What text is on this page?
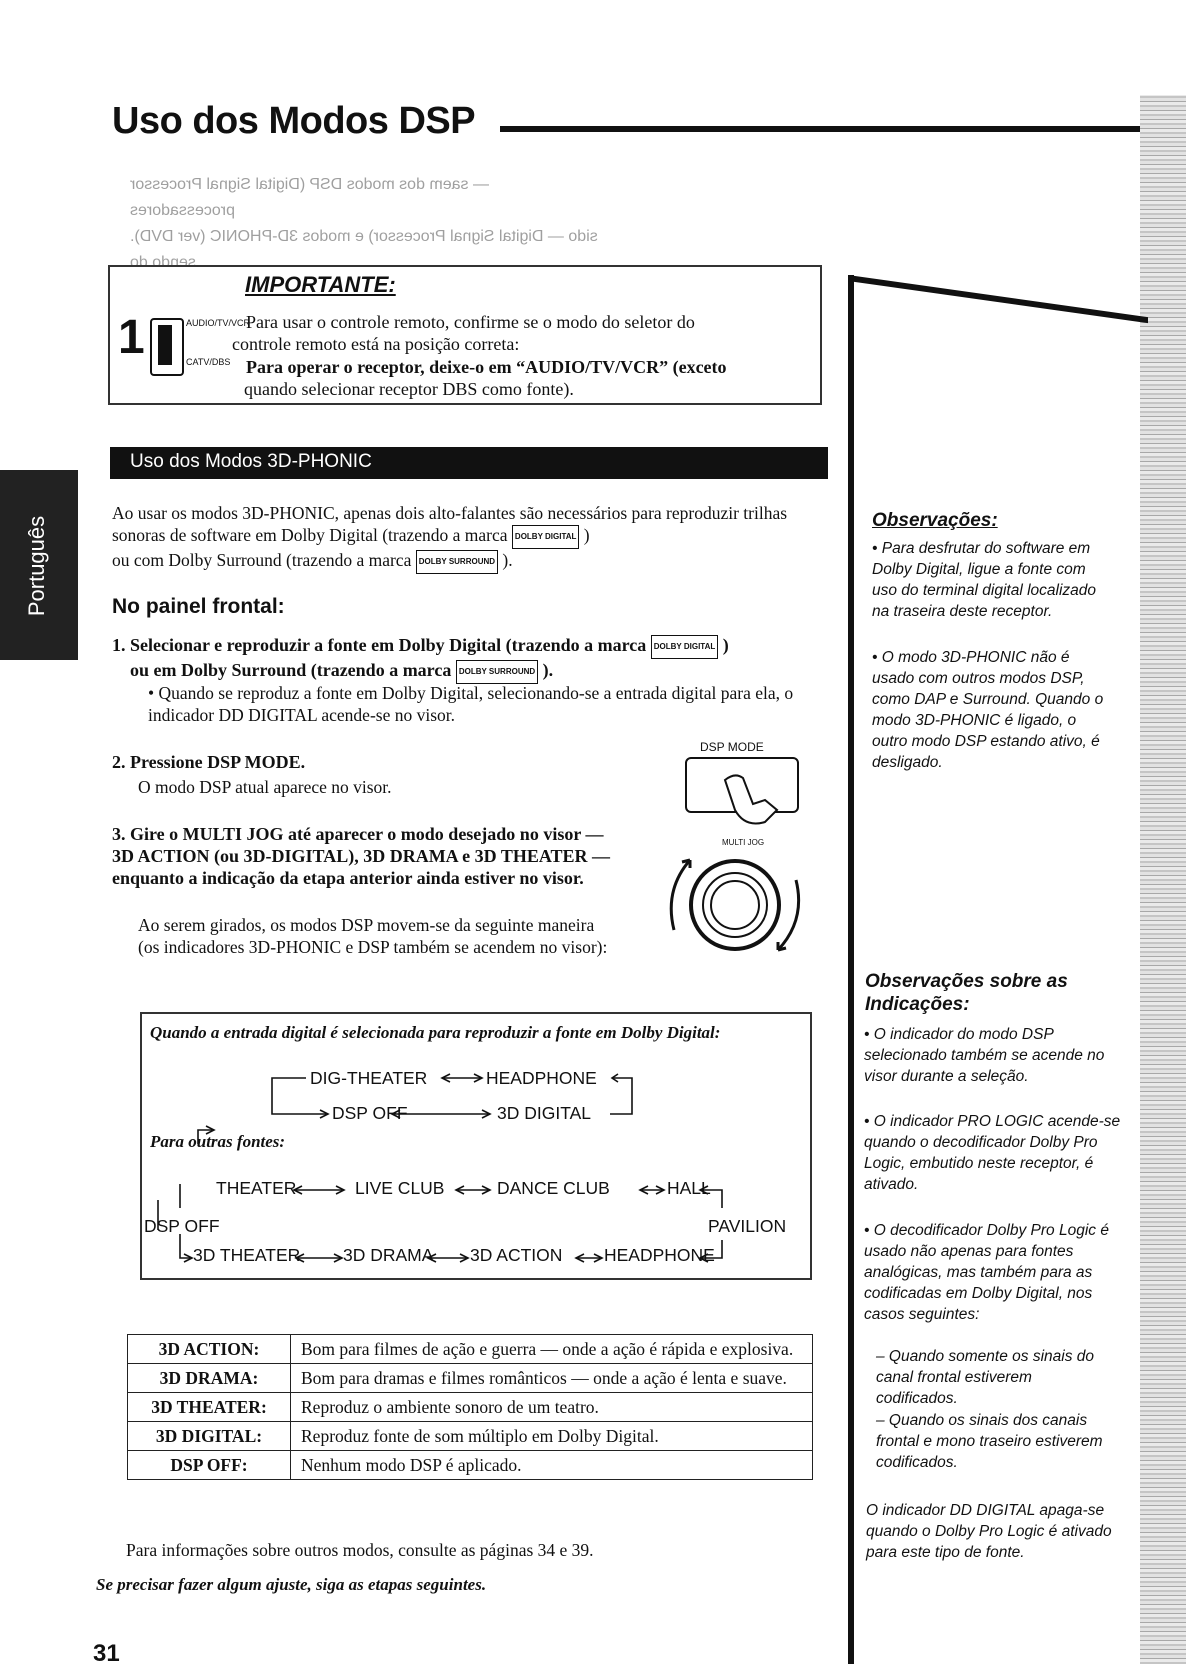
Uso dos Modos DSP
— saem dos modos DSP (Digital Signal Processor
processadores
sido — Digital Signal Processor) e modos 3D-PHONIC (ver DVD).
sendo do
Português
IMPORTANTE:
1	AUDIO/TV/VCR
CATV/DBS
Para usar o controle remoto, confirme se o modo do seletor do
controle remoto está na posição correta:
Para operar o receptor, deixe-o em “AUDIO/TV/VCR” (exceto
quando selecionar receptor DBS como fonte).
Uso dos Modos 3D-PHONIC
Ao usar os modos 3D-PHONIC, apenas dois alto-falantes são necessários para reproduzir trilhas sonoras de software em Dolby Digital (trazendo a marca DOLBY DIGITAL )
ou com Dolby Surround (trazendo a marca DOLBY SURROUND ).
No painel frontal:
1. Selecionar e reproduzir a fonte em Dolby Digital (trazendo a marca DOLBY DIGITAL )
ou em Dolby Surround (trazendo a marca DOLBY SURROUND ).
• Quando se reproduz a fonte em Dolby Digital, selecionando-se a entrada digital para ela, o indicador DD DIGITAL acende-se no visor.
2. Pressione DSP MODE.
O modo DSP atual aparece no visor.
3. Gire o MULTI JOG até aparecer o modo desejado no visor — 3D ACTION (ou 3D-DIGITAL), 3D DRAMA e 3D THEATER — enquanto a indicação da etapa anterior ainda estiver no visor.
Ao serem girados, os modos DSP movem-se da seguinte maneira (os indicadores 3D-PHONIC e DSP também se acendem no visor):
DSP MODE
MULTI JOG
Quando a entrada digital é selecionada para reproduzir a fonte em Dolby Digital:
DIG-THEATER	HEADPHONE
DSP OFF	3D DIGITAL
Para outras fontes:
THEATER	LIVE CLUB	DANCE CLUB	HALL
DSP OFF	PAVILION
3D THEATER 3D DRAMA 3D ACTION HEADPHONE
3D ACTION:	Bom para filmes de ação e guerra — onde a ação é rápida e explosiva.
3D DRAMA:	Bom para dramas e filmes românticos — onde a ação é lenta e suave.
3D THEATER:	Reproduz o ambiente sonoro de um teatro.
3D DIGITAL:	Reproduz fonte de som múltiplo em Dolby Digital.
DSP OFF:	Nenhum modo DSP é aplicado.
Para informações sobre outros modos, consulte as páginas 34 e 39.
Se precisar fazer algum ajuste, siga as etapas seguintes.
31
Observações:
• Para desfrutar do software em Dolby Digital, ligue a fonte com uso do terminal digital localizado na traseira deste receptor.
• O modo 3D-PHONIC não é usado com outros modos DSP, como DAP e Surround. Quando o modo 3D-PHONIC é ligado, o outro modo DSP estando ativo, é desligado.
Observações sobre as Indicações:
• O indicador do modo DSP selecionado também se acende no visor durante a seleção.
• O indicador PRO LOGIC acende-se quando o decodificador Dolby Pro Logic, embutido neste receptor, é ativado.
• O decodificador Dolby Pro Logic é usado não apenas para fontes analógicas, mas também para as codificadas em Dolby Digital, nos casos seguintes:
– Quando somente os sinais do canal frontal estiverem codificados.
– Quando os sinais dos canais frontal e mono traseiro estiverem codificados.
O indicador DD DIGITAL apaga-se quando o Dolby Pro Logic é ativado para este tipo de fonte.
